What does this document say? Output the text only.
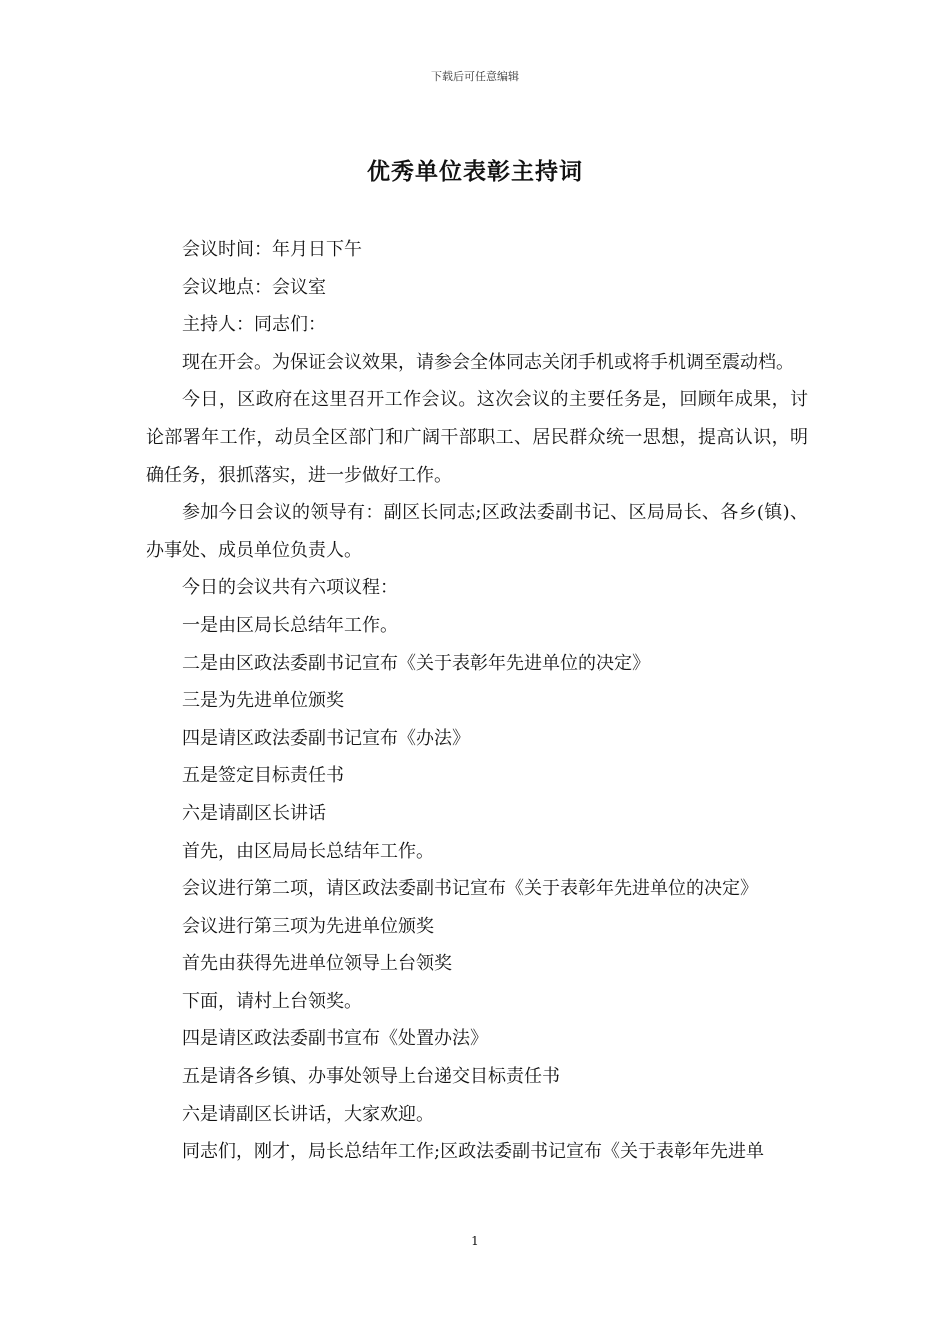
下载后可任意编辑
优秀单位表彰主持词

会议时间：年月日下午

会议地点：会议室

主持人：同志们：

现在开会。为保证会议效果，请参会全体同志关闭手机或将手机调至震动档。

今日，区政府在这里召开工作会议。这次会议的主要任务是，回顾年成果，讨论部署年工作，动员全区部门和广阔干部职工、居民群众统一思想，提高认识，明确任务，狠抓落实，进一步做好工作。

参加今日会议的领导有：副区长同志;区政法委副书记、区局局长、各乡(镇)、办事处、成员单位负责人。

今日的会议共有六项议程：

一是由区局长总结年工作。

二是由区政法委副书记宣布《关于表彰年先进单位的决定》

三是为先进单位颁奖

四是请区政法委副书记宣布《办法》

五是签定目标责任书

六是请副区长讲话

首先，由区局局长总结年工作。

会议进行第二项，请区政法委副书记宣布《关于表彰年先进单位的决定》

会议进行第三项为先进单位颁奖

首先由获得先进单位领导上台领奖

下面，请村上台领奖。

四是请区政法委副书宣布《处置办法》

五是请各乡镇、办事处领导上台递交目标责任书

六是请副区长讲话，大家欢迎。

同志们，刚才，局长总结年工作;区政法委副书记宣布《关于表彰年先进单

1
